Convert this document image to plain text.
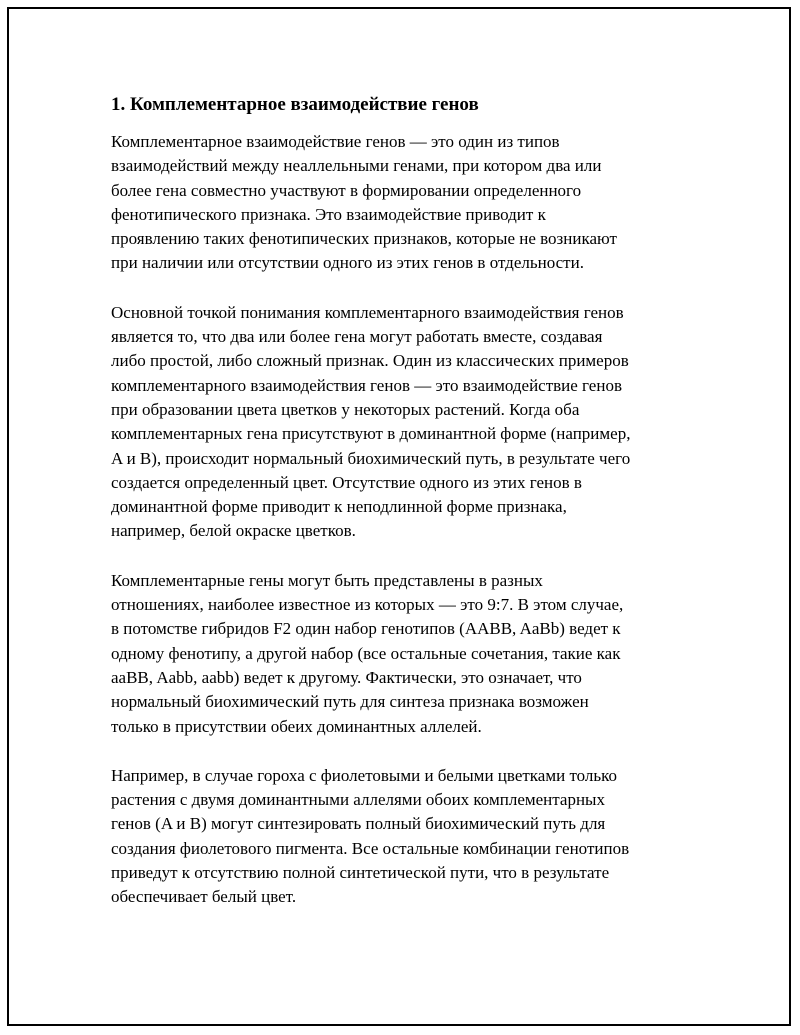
1. Комплементарное взаимодействие генов

Комплементарное взаимодействие генов — это один из типов
взаимодействий между неаллельными генами, при котором два или
более гена совместно участвуют в формировании определенного
фенотипического признака. Это взаимодействие приводит к
проявлению таких фенотипических признаков, которые не возникают
при наличии или отсутствии одного из этих генов в отдельности.

Основной точкой понимания комплементарного взаимодействия генов
является то, что два или более гена могут работать вместе, создавая
либо простой, либо сложный признак. Один из классических примеров
комплементарного взаимодействия генов — это взаимодействие генов
при образовании цвета цветков у некоторых растений. Когда оба
комплементарных гена присутствуют в доминантной форме (например,
A и B), происходит нормальный биохимический путь, в результате чего
создается определенный цвет. Отсутствие одного из этих генов в
доминантной форме приводит к неподлинной форме признака,
например, белой окраске цветков.

Комплементарные гены могут быть представлены в разных
отношениях, наиболее известное из которых — это 9:7. В этом случае,
в потомстве гибридов F2 один набор генотипов (AABB, AaBb) ведет к
одному фенотипу, а другой набор (все остальные сочетания, такие как
aaBB, Aabb, aabb) ведет к другому. Фактически, это означает, что
нормальный биохимический путь для синтеза признака возможен
только в присутствии обеих доминантных аллелей.

Например, в случае гороха с фиолетовыми и белыми цветками только
растения с двумя доминантными аллелями обоих комплементарных
генов (A и B) могут синтезировать полный биохимический путь для
создания фиолетового пигмента. Все остальные комбинации генотипов
приведут к отсутствию полной синтетической пути, что в результате
обеспечивает белый цвет.
